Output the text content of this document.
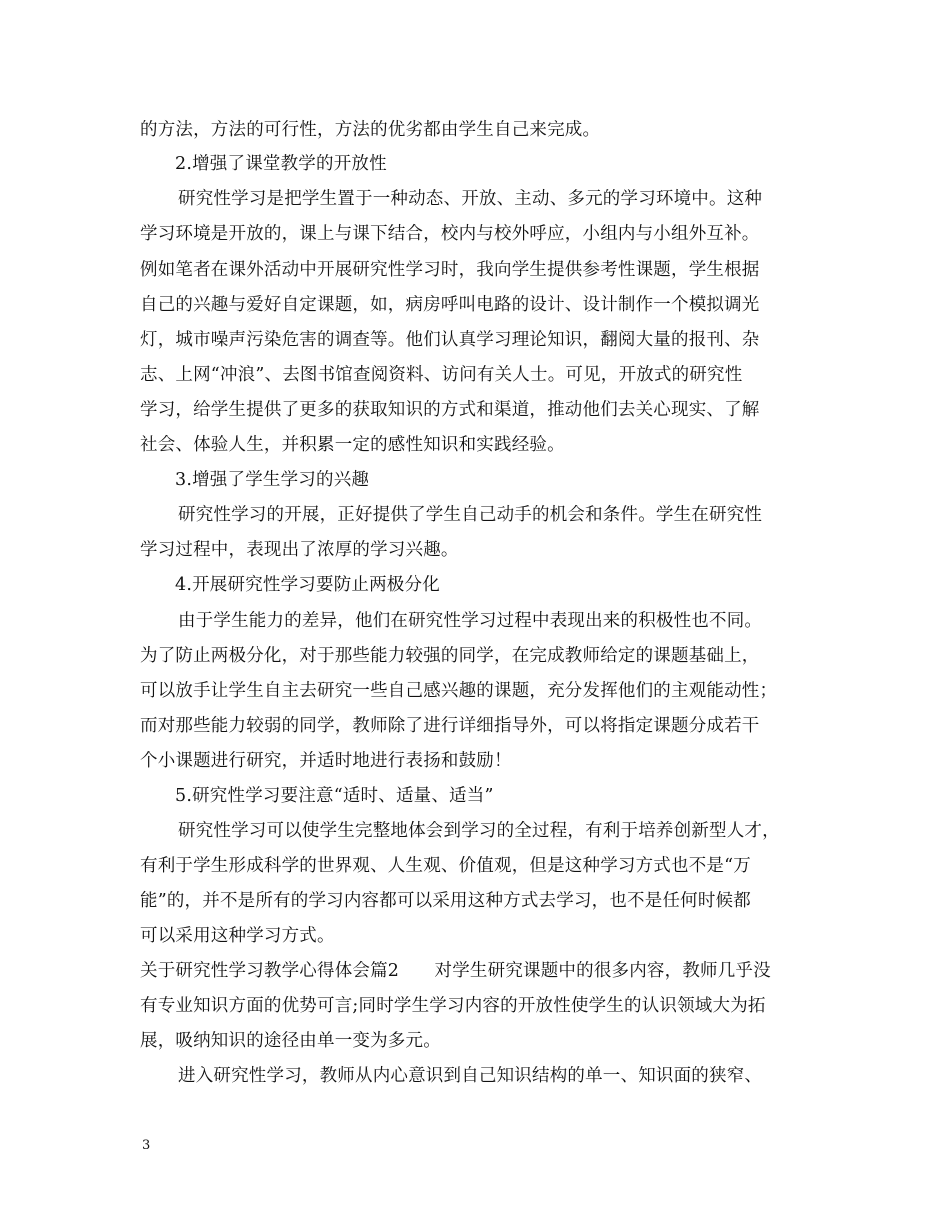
的方法，方法的可行性，方法的优劣都由学生自己来完成。
2.增强了课堂教学的开放性
研究性学习是把学生置于一种动态、开放、主动、多元的学习环境中。这种
学习环境是开放的，课上与课下结合，校内与校外呼应，小组内与小组外互补。
例如笔者在课外活动中开展研究性学习时，我向学生提供参考性课题，学生根据
自己的兴趣与爱好自定课题，如，病房呼叫电路的设计、设计制作一个模拟调光
灯，城市噪声污染危害的调查等。他们认真学习理论知识，翻阅大量的报刊、杂
志、上网“冲浪”、去图书馆查阅资料、访问有关人士。可见，开放式的研究性
学习，给学生提供了更多的获取知识的方式和渠道，推动他们去关心现实、了解
社会、体验人生，并积累一定的感性知识和实践经验。
3.增强了学生学习的兴趣
研究性学习的开展，正好提供了学生自己动手的机会和条件。学生在研究性
学习过程中，表现出了浓厚的学习兴趣。
4.开展研究性学习要防止两极分化
由于学生能力的差异，他们在研究性学习过程中表现出来的积极性也不同。
为了防止两极分化，对于那些能力较强的同学，在完成教师给定的课题基础上，
可以放手让学生自主去研究一些自己感兴趣的课题，充分发挥他们的主观能动性；
而对那些能力较弱的同学，教师除了进行详细指导外，可以将指定课题分成若干
个小课题进行研究，并适时地进行表扬和鼓励！
5.研究性学习要注意“适时、适量、适当”
研究性学习可以使学生完整地体会到学习的全过程，有利于培养创新型人才，
有利于学生形成科学的世界观、人生观、价值观，但是这种学习方式也不是“万
能”的，并不是所有的学习内容都可以采用这种方式去学习，也不是任何时候都
可以采用这种学习方式。
关于研究性学习教学心得体会篇2　　对学生研究课题中的很多内容，教师几乎没
有专业知识方面的优势可言;同时学生学习内容的开放性使学生的认识领域大为拓
展，吸纳知识的途径由单一变为多元。
进入研究性学习，教师从内心意识到自己知识结构的单一、知识面的狭窄、
3
